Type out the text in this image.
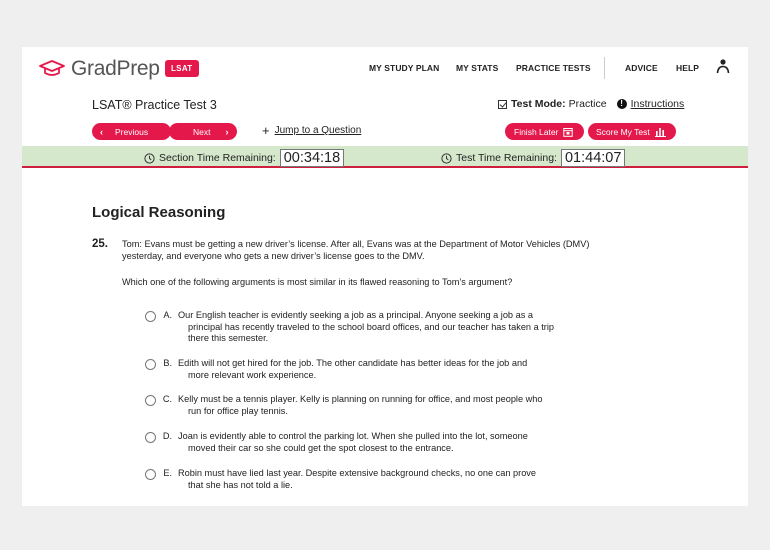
GradPrep	LSAT	MY STUDY PLAN MY STATS PRACTICE TESTS	ADVICE HELP
LSAT® Practice Test 3	Test Mode: Practice	! Instructions
‹ Previous	Next ›	+ Jump to a Question	Finish Later	Score My Test
Section Time Remaining: 00:34:18	Test Time Remaining: 01:44:07
Logical Reasoning
25. Tom: Evans must be getting a new driver’s license. After all, Evans was at the Department of Motor Vehicles (DMV)
yesterday, and everyone who gets a new driver’s license goes to the DMV.
Which one of the following arguments is most similar in its flawed reasoning to Tom’s argument?
A. Our English teacher is evidently seeking a job as a principal. Anyone seeking a job as a
principal has recently traveled to the school board offices, and our teacher has taken a trip
there this semester.
B. Edith will not get hired for the job. The other candidate has better ideas for the job and
more relevant work experience.
C. Kelly must be a tennis player. Kelly is planning on running for office, and most people who
run for office play tennis.
D. Joan is evidently able to control the parking lot. When she pulled into the lot, someone
moved their car so she could get the spot closest to the entrance.
E. Robin must have lied last year. Despite extensive background checks, no one can prove
that she has not told a lie.
